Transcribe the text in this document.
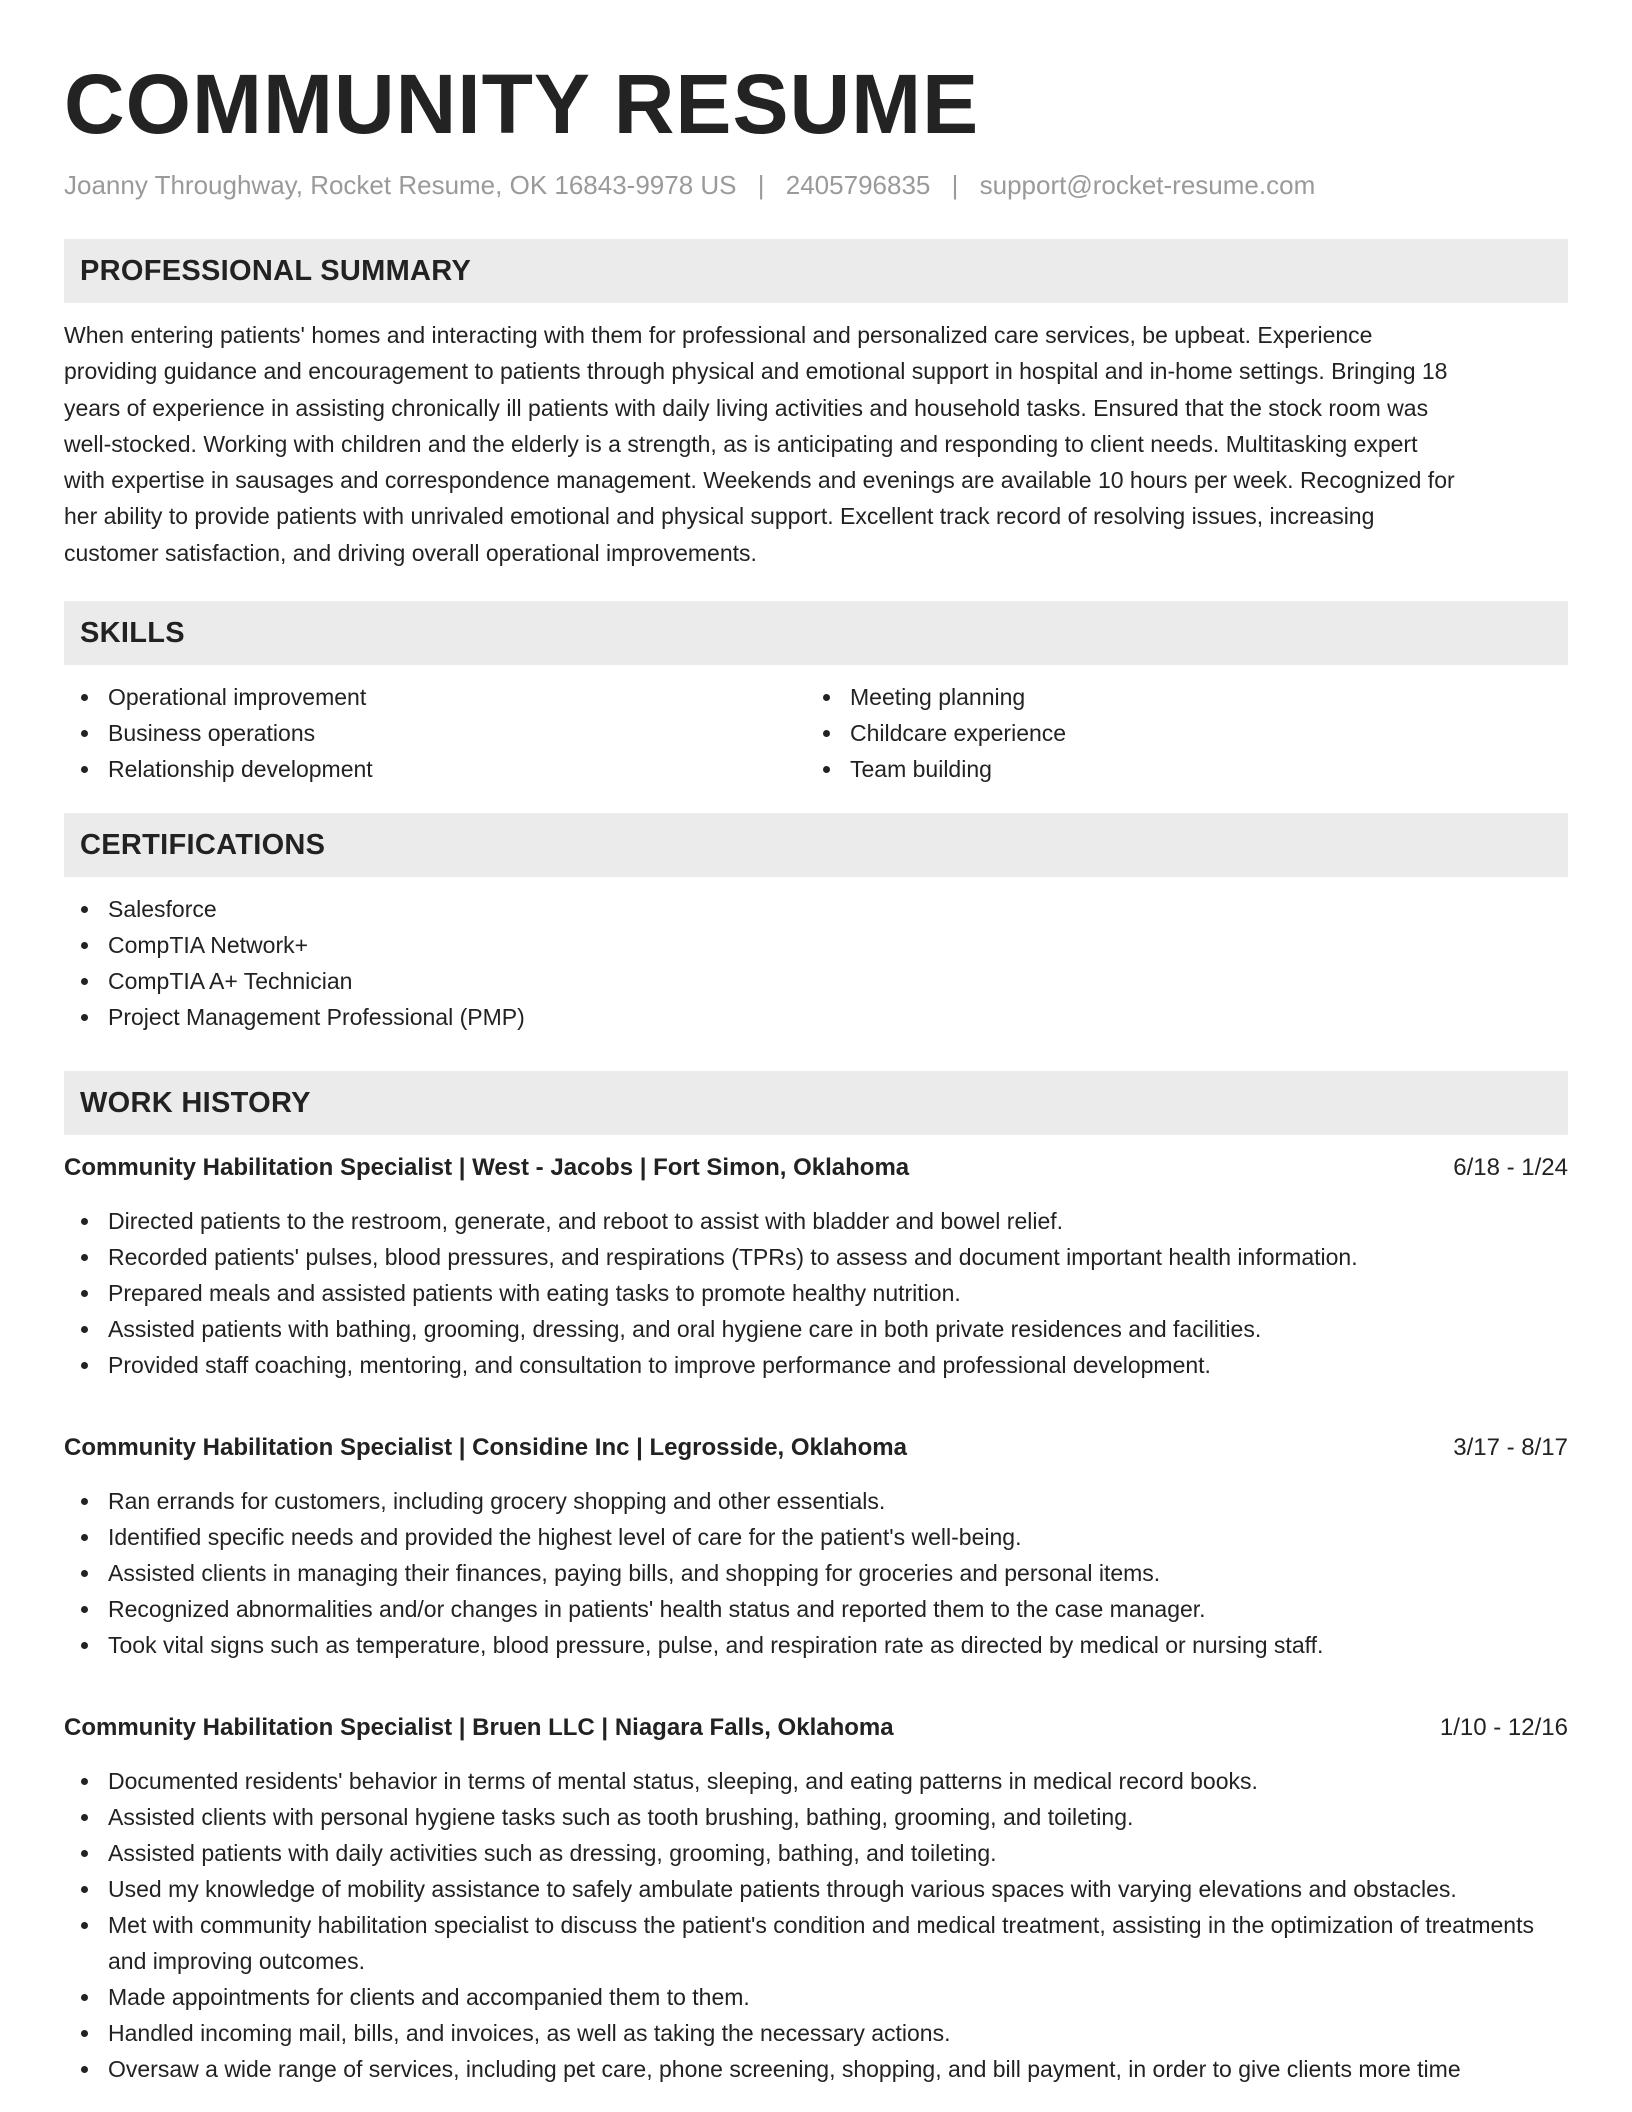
COMMUNITY RESUME
Joanny Throughway, Rocket Resume, OK 16843-9978 US | 2405796835 | support@rocket-resume.com
PROFESSIONAL SUMMARY
When entering patients' homes and interacting with them for professional and personalized care services, be upbeat. Experience
providing guidance and encouragement to patients through physical and emotional support in hospital and in-home settings. Bringing 18
years of experience in assisting chronically ill patients with daily living activities and household tasks. Ensured that the stock room was
well-stocked. Working with children and the elderly is a strength, as is anticipating and responding to client needs. Multitasking expert
with expertise in sausages and correspondence management. Weekends and evenings are available 10 hours per week. Recognized for
her ability to provide patients with unrivaled emotional and physical support. Excellent track record of resolving issues, increasing
customer satisfaction, and driving overall operational improvements.
SKILLS
Operational improvement
Business operations
Relationship development
Meeting planning
Childcare experience
Team building
CERTIFICATIONS
Salesforce
CompTIA Network+
CompTIA A+ Technician
Project Management Professional (PMP)
WORK HISTORY
Community Habilitation Specialist | West - Jacobs | Fort Simon, Oklahoma	6/18 - 1/24
Directed patients to the restroom, generate, and reboot to assist with bladder and bowel relief.
Recorded patients' pulses, blood pressures, and respirations (TPRs) to assess and document important health information.
Prepared meals and assisted patients with eating tasks to promote healthy nutrition.
Assisted patients with bathing, grooming, dressing, and oral hygiene care in both private residences and facilities.
Provided staff coaching, mentoring, and consultation to improve performance and professional development.
Community Habilitation Specialist | Considine Inc | Legrosside, Oklahoma	3/17 - 8/17
Ran errands for customers, including grocery shopping and other essentials.
Identified specific needs and provided the highest level of care for the patient's well-being.
Assisted clients in managing their finances, paying bills, and shopping for groceries and personal items.
Recognized abnormalities and/or changes in patients' health status and reported them to the case manager.
Took vital signs such as temperature, blood pressure, pulse, and respiration rate as directed by medical or nursing staff.
Community Habilitation Specialist | Bruen LLC | Niagara Falls, Oklahoma	1/10 - 12/16
Documented residents' behavior in terms of mental status, sleeping, and eating patterns in medical record books.
Assisted clients with personal hygiene tasks such as tooth brushing, bathing, grooming, and toileting.
Assisted patients with daily activities such as dressing, grooming, bathing, and toileting.
Used my knowledge of mobility assistance to safely ambulate patients through various spaces with varying elevations and obstacles.
Met with community habilitation specialist to discuss the patient's condition and medical treatment, assisting in the optimization of treatments and improving outcomes.
Made appointments for clients and accompanied them to them.
Handled incoming mail, bills, and invoices, as well as taking the necessary actions.
Oversaw a wide range of services, including pet care, phone screening, shopping, and bill payment, in order to give clients more time
